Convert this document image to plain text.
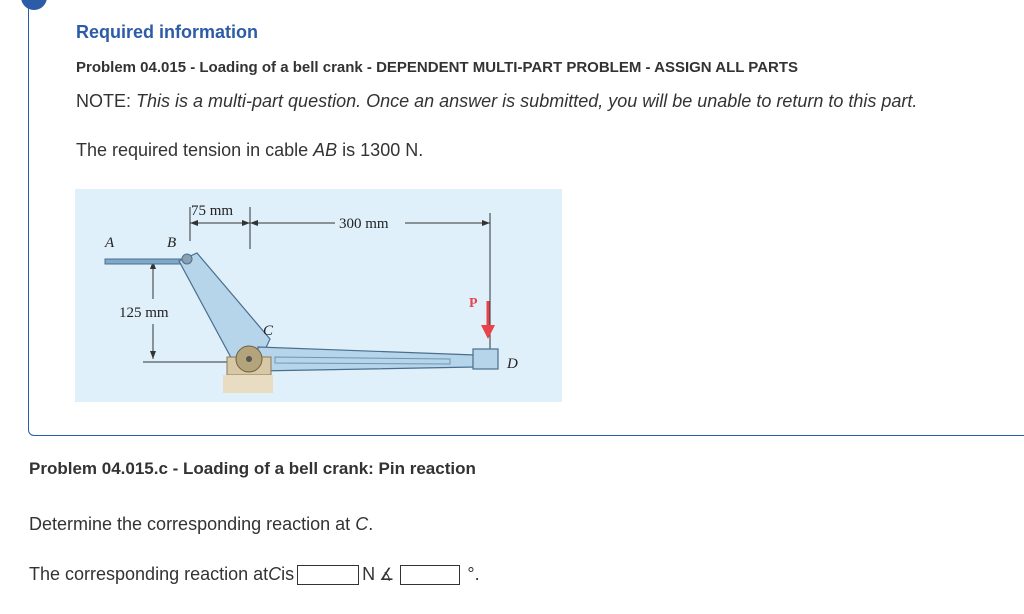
Required information
Problem 04.015 - Loading of a bell crank - DEPENDENT MULTI-PART PROBLEM - ASSIGN ALL PARTS
NOTE: This is a multi-part question. Once an answer is submitted, you will be unable to return to this part.
The required tension in cable AB is 1300 N.
A	B
C
D
P
75 mm
300 mm
125 mm
Problem 04.015.c - Loading of a bell crank: Pin reaction
Determine the corresponding reaction at C.
The corresponding reaction at C is	N ∡	°.
